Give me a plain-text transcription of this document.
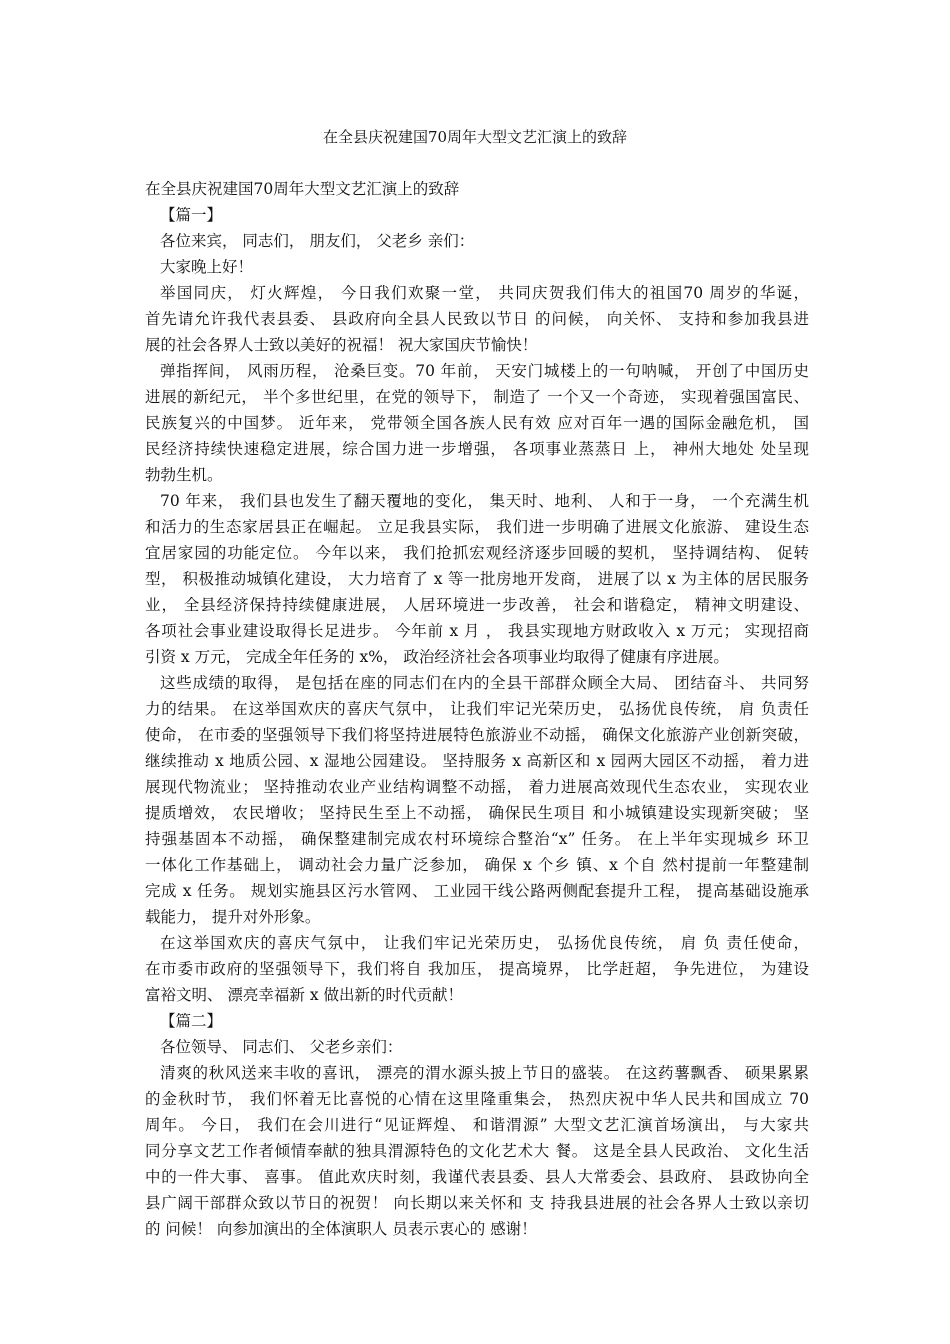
在全县庆祝建国70周年大型文艺汇演上的致辞
在全县庆祝建国70周年大型文艺汇演上的致辞
【篇一】
各位来宾， 同志们， 朋友们， 父老乡 亲们：
大家晚上好！
举国同庆， 灯火辉煌， 今日我们欢聚一堂， 共同庆贺我们伟大的祖国70 周岁的华诞，
首先请允许我代表县委、 县政府向全县人民致以节日 的问候， 向关怀、 支持和参加我县进
展的社会各界人士致以美好的祝福！ 祝大家国庆节愉快！
弹指挥间， 风雨历程， 沧桑巨变。70 年前， 天安门城楼上的一句呐喊， 开创了中国历史
进展的新纪元， 半个多世纪里，在党的领导下， 制造了 一个又一个奇迹， 实现着强国富民、
民族复兴的中国梦。 近年来， 党带领全国各族人民有效 应对百年一遇的国际金融危机， 国
民经济持续快速稳定进展，综合国力进一步增强， 各项事业蒸蒸日 上， 神州大地处 处呈现
勃勃生机。
70 年来， 我们县也发生了翻天覆地的变化， 集天时、地利、 人和于一身， 一个充满生机
和活力的生态家居县正在崛起。 立足我县实际， 我们进一步明确了进展文化旅游、 建设生态
宜居家园的功能定位。 今年以来， 我们抢抓宏观经济逐步回暖的契机， 坚持调结构、 促转
型， 积极推动城镇化建设， 大力培育了 x 等一批房地开发商， 进展了以 x 为主体的居民服务
业， 全县经济保持持续健康进展， 人居环境进一步改善， 社会和谐稳定， 精神文明建设、
各项社会事业建设取得长足进步。 今年前 x 月 ， 我县实现地方财政收入 x 万元； 实现招商
引资 x 万元， 完成全年任务的 x%， 政治经济社会各项事业均取得了健康有序进展。
这些成绩的取得， 是包括在座的同志们在内的全县干部群众顾全大局、 团结奋斗、 共同努
力的结果。 在这举国欢庆的喜庆气氛中， 让我们牢记光荣历史， 弘扬优良传统， 肩 负责任
使命， 在市委的坚强领导下我们将坚持进展特色旅游业不动摇， 确保文化旅游产业创新突破，
继续推动 x 地质公园、x 湿地公园建设。 坚持服务 x 高新区和 x 园两大园区不动摇， 着力进
展现代物流业； 坚持推动农业产业结构调整不动摇， 着力进展高效现代生态农业， 实现农业
提质增效， 农民增收； 坚持民生至上不动摇， 确保民生项目 和小城镇建设实现新突破； 坚
持强基固本不动摇， 确保整建制完成农村环境综合整治“x” 任务。 在上半年实现城乡 环卫
一体化工作基础上， 调动社会力量广泛参加， 确保 x 个乡 镇、x 个自 然村提前一年整建制
完成 x 任务。 规划实施县区污水管网、 工业园干线公路两侧配套提升工程， 提高基础设施承
载能力， 提升对外形象。
在这举国欢庆的喜庆气氛中， 让我们牢记光荣历史， 弘扬优良传统， 肩 负 责任使命，
在市委市政府的坚强领导下，我们将自 我加压， 提高境界， 比学赶超， 争先进位， 为建设
富裕文明、 漂亮幸福新 x 做出新的时代贡献！
【篇二】
各位领导、 同志们、 父老乡亲们：
清爽的秋风送来丰收的喜讯， 漂亮的渭水源头披上节日的盛装。 在这药薯飘香、 硕果累累
的金秋时节， 我们怀着无比喜悦的心情在这里隆重集会， 热烈庆祝中华人民共和国成立 70
周年。 今日， 我们在会川进行“见证辉煌、 和谐渭源” 大型文艺汇演首场演出， 与大家共
同分享文艺工作者倾情奉献的独具渭源特色的文化艺术大 餐。 这是全县人民政治、 文化生活
中的一件大事、 喜事。 值此欢庆时刻，我谨代表县委、县人大常委会、县政府、 县政协向全
县广阔干部群众致以节日的祝贺！ 向长期以来关怀和 支 持我县进展的社会各界人士致以亲切
的 问候！ 向参加演出的全体演职人 员表示衷心的 感谢！
